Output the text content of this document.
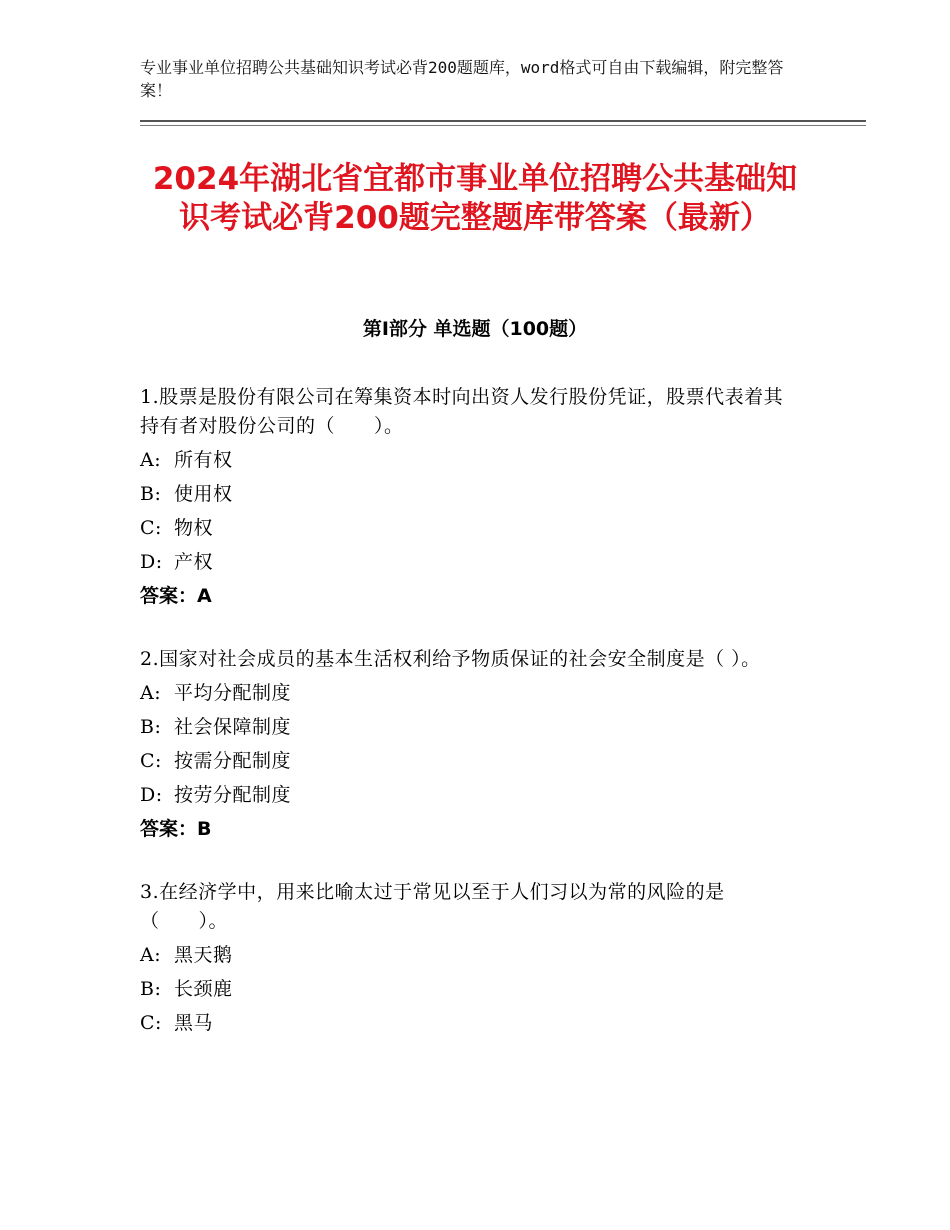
专业事业单位招聘公共基础知识考试必背200题题库，word格式可自由下载编辑，附完整答案！
2024年湖北省宜都市事业单位招聘公共基础知识考试必背200题完整题库带答案（最新）
第Ⅰ部分 单选题（100题）
1.股票是股份有限公司在筹集资本时向出资人发行股份凭证，股票代表着其持有者对股份公司的（　　）。
A: 所有权
B: 使用权
C: 物权
D: 产权
答案：A
2.国家对社会成员的基本生活权利给予物质保证的社会安全制度是（ ）。
A: 平均分配制度
B: 社会保障制度
C: 按需分配制度
D: 按劳分配制度
答案：B
3.在经济学中，用来比喻太过于常见以至于人们习以为常的风险的是（　　）。
A: 黑天鹅
B: 长颈鹿
C: 黑马
